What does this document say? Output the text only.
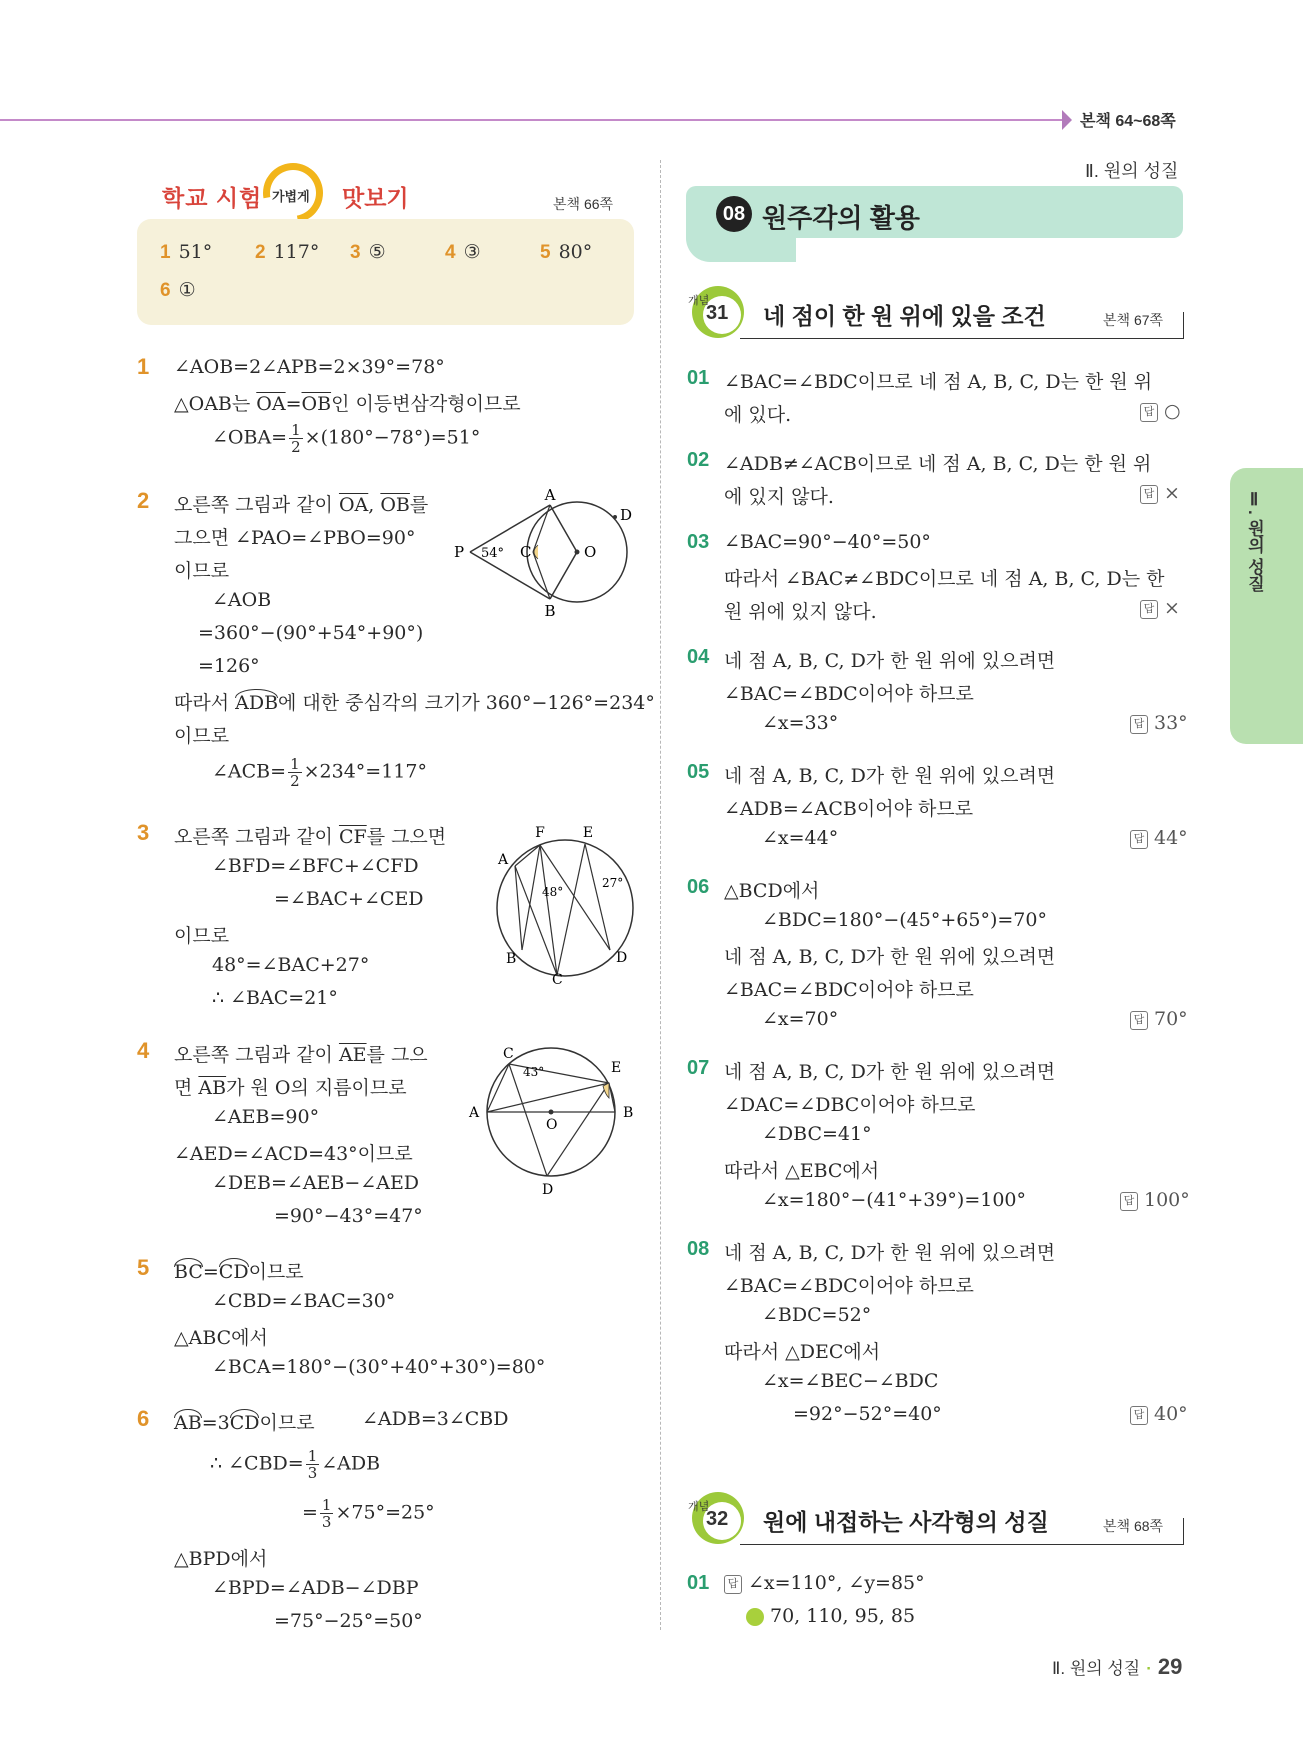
본책 64~68쪽
Ⅱ. 원의 성질
학교 시험 가볍게 맛보기	본책 66쪽
1 51° 2 117° 3 ⑤	4 ③	5 80°
6 ①
1 ∠AOB=2∠APB=2×39°=78°
△OAB는 $\overline{OA}=\overline{OB}$인 이등변삼각형이므로
∠OBA= $\frac{1}{2} \times(180^\circ-78^\circ)=51^\circ$
2 오른쪽 그림과 같이 $\overline{OA}$, $\overline{OB}$를
그으면 ∠PAO=∠PBO=90°
이므로
∠AOB
=360°−(90°+54°+90°)
=126°
따라서 ADB에 대한 중심각의 크기가 360°−126°=234°
이므로
∠ACB= $\frac{1}{2} \times 234^\circ=117^\circ$
A
B
C
D
O
P 54°
3 오른쪽 그림과 같이 $\overline{CF}$를 그으면
∠BFD=∠BFC+∠CFD
=∠BAC+∠CED
이므로
48°=∠BAC+27°
∴ ∠BAC=21°
F	E
A
B
C
D
48°
27°
4 오른쪽 그림과 같이 $\overline{AE}$를 그으
면 $\overline{AB}$가 원 O의 지름이므로
∠AEB=90°
∠AED=∠ACD=43°이므로
∠DEB=∠AEB−∠AED
=90°−43°=47°
C
43°	E
A	B
O
D
5 BC=CD이므로
∠CBD=∠BAC=30°
△ABC에서
∠BCA=180°−(30°+40°+30°)=80°
6 AB=3CD이므로 ∠ADB=3∠CBD
∴ ∠CBD= $\frac{1}{3}$ ∠ADB
= $\frac{1}{3} \times 75^\circ=25^\circ$
△BPD에서
∠BPD=∠ADB−∠DBP
=75°−25°=50°
08 원주각의 활용
개념
31 네 점이 한 원 위에 있을 조건	본책 67쪽
01 ∠BAC=∠BDC이므로 네 점 A, B, C, D는 한 원 위
에 있다.	답 ○
02 ∠ADB≠∠ACB이므로 네 점 A, B, C, D는 한 원 위
에 있지 않다.	답 ×
03 ∠BAC=90°−40°=50°
따라서 ∠BAC≠∠BDC이므로 네 점 A, B, C, D는 한
원 위에 있지 않다.	답 ×
04 네 점 A, B, C, D가 한 원 위에 있으려면
∠BAC=∠BDC이어야 하므로
∠x=33°	답 33°
05 네 점 A, B, C, D가 한 원 위에 있으려면
∠ADB=∠ACB이어야 하므로
∠x=44°	답 44°
06 △BCD에서
∠BDC=180°−(45°+65°)=70°
네 점 A, B, C, D가 한 원 위에 있으려면
∠BAC=∠BDC이어야 하므로
∠x=70°	답 70°
07 네 점 A, B, C, D가 한 원 위에 있으려면
∠DAC=∠DBC이어야 하므로
∠DBC=41°
따라서 △EBC에서
∠x=180°−(41°+39°)=100°	답 100°
08 네 점 A, B, C, D가 한 원 위에 있으려면
∠BAC=∠BDC이어야 하므로
∠BDC=52°
따라서 △DEC에서
∠x=∠BEC−∠BDC
=92°−52°=40°	답 40°
개념
32 원에 내접하는 사각형의 성질	본책 68쪽
01	답 ∠x=110°, ∠y=85°
70, 110, 95, 85
Ⅱ. 원의 성질
Ⅱ. 원의 성질 · 29
